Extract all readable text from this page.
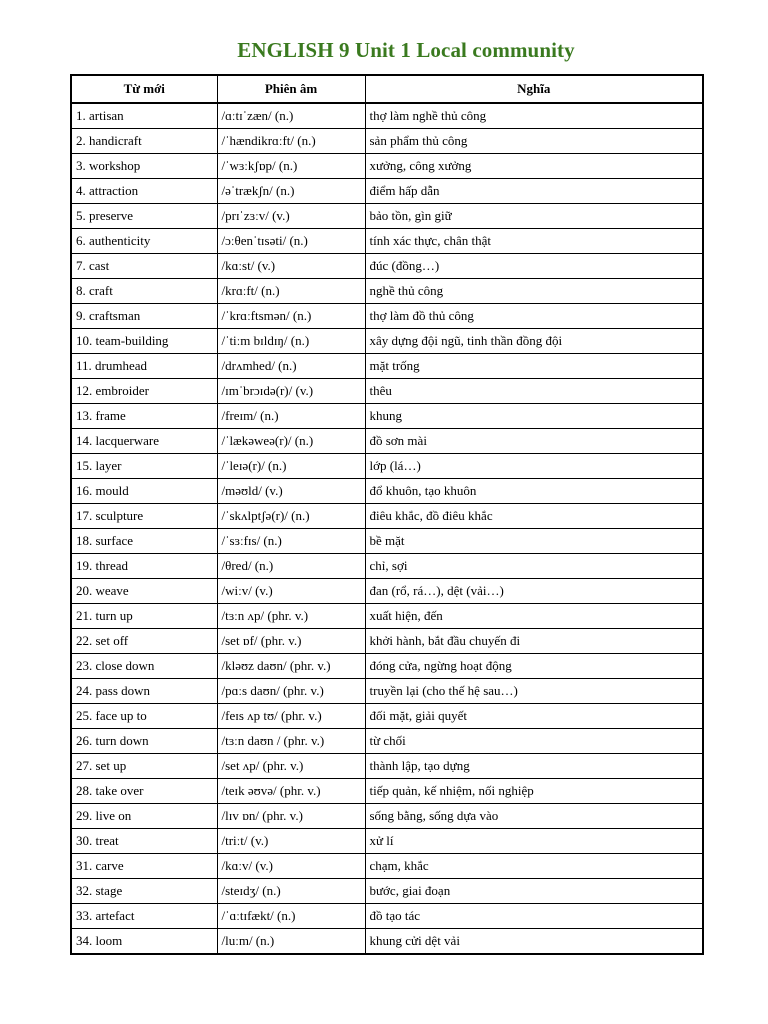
ENGLISH 9 Unit 1 Local community
Từ mới	Phiên âm	Nghĩa
1. artisan	/ɑːtɪˈzæn/ (n.)	thợ làm nghề thủ công
2. handicraft	/ˈhændikrɑːft/ (n.)	sản phẩm thủ công
3. workshop	/ˈwɜːkʃɒp/ (n.)	xưởng, công xưởng
4. attraction	/əˈtrækʃn/ (n.)	điểm hấp dẫn
5. preserve	/prɪˈzɜːv/ (v.)	bảo tồn, gìn giữ
6. authenticity	/ɔːθenˈtɪsəti/ (n.)	tính xác thực, chân thật
7. cast	/kɑːst/ (v.)	đúc (đồng…)
8. craft	/krɑːft/ (n.)	nghề thủ công
9. craftsman	/ˈkrɑːftsmən/ (n.)	thợ làm đồ thủ công
10. team-building	/ˈtiːm bɪldɪŋ/ (n.)	xây dựng đội ngũ, tinh thần đồng đội
11. drumhead	/drʌmhed/ (n.)	mặt trống
12. embroider	/ɪmˈbrɔɪdə(r)/ (v.)	thêu
13. frame	/freɪm/ (n.)	khung
14. lacquerware	/ˈlækəweə(r)/ (n.)	đồ sơn mài
15. layer	/ˈleɪə(r)/ (n.)	lớp (lá…)
16. mould	/məʊld/ (v.)	đổ khuôn, tạo khuôn
17. sculpture	/ˈskʌlptʃə(r)/ (n.)	điêu khắc, đồ điêu khắc
18. surface	/ˈsɜːfɪs/ (n.)	bề mặt
19. thread	/θred/ (n.)	chỉ, sợi
20. weave	/wiːv/ (v.)	đan (rổ, rá…), dệt (vải…)
21. turn up	/tɜːn ʌp/ (phr. v.)	xuất hiện, đến
22. set off	/set ɒf/ (phr. v.)	khởi hành, bắt đầu chuyến đi
23. close down	/kləʊz daʊn/ (phr. v.)	đóng cửa, ngừng hoạt động
24. pass down	/pɑːs daʊn/ (phr. v.)	truyền lại (cho thế hệ sau…)
25. face up to	/feɪs ʌp tʊ/ (phr. v.)	đối mặt, giải quyết
26. turn down	/tɜːn daʊn / (phr. v.)	từ chối
27. set up	/set ʌp/ (phr. v.)	thành lập, tạo dựng
28. take over	/teɪk əʊvə/ (phr. v.)	tiếp quản, kế nhiệm, nối nghiệp
29. live on	/lɪv ɒn/ (phr. v.)	sống bằng, sống dựa vào
30. treat	/triːt/ (v.)	xử lí
31. carve	/kɑːv/ (v.)	chạm, khắc
32. stage	/steɪdʒ/ (n.)	bước, giai đoạn
33. artefact	/ˈɑːtɪfækt/ (n.)	đồ tạo tác
34. loom	/luːm/ (n.)	khung cửi dệt vải
